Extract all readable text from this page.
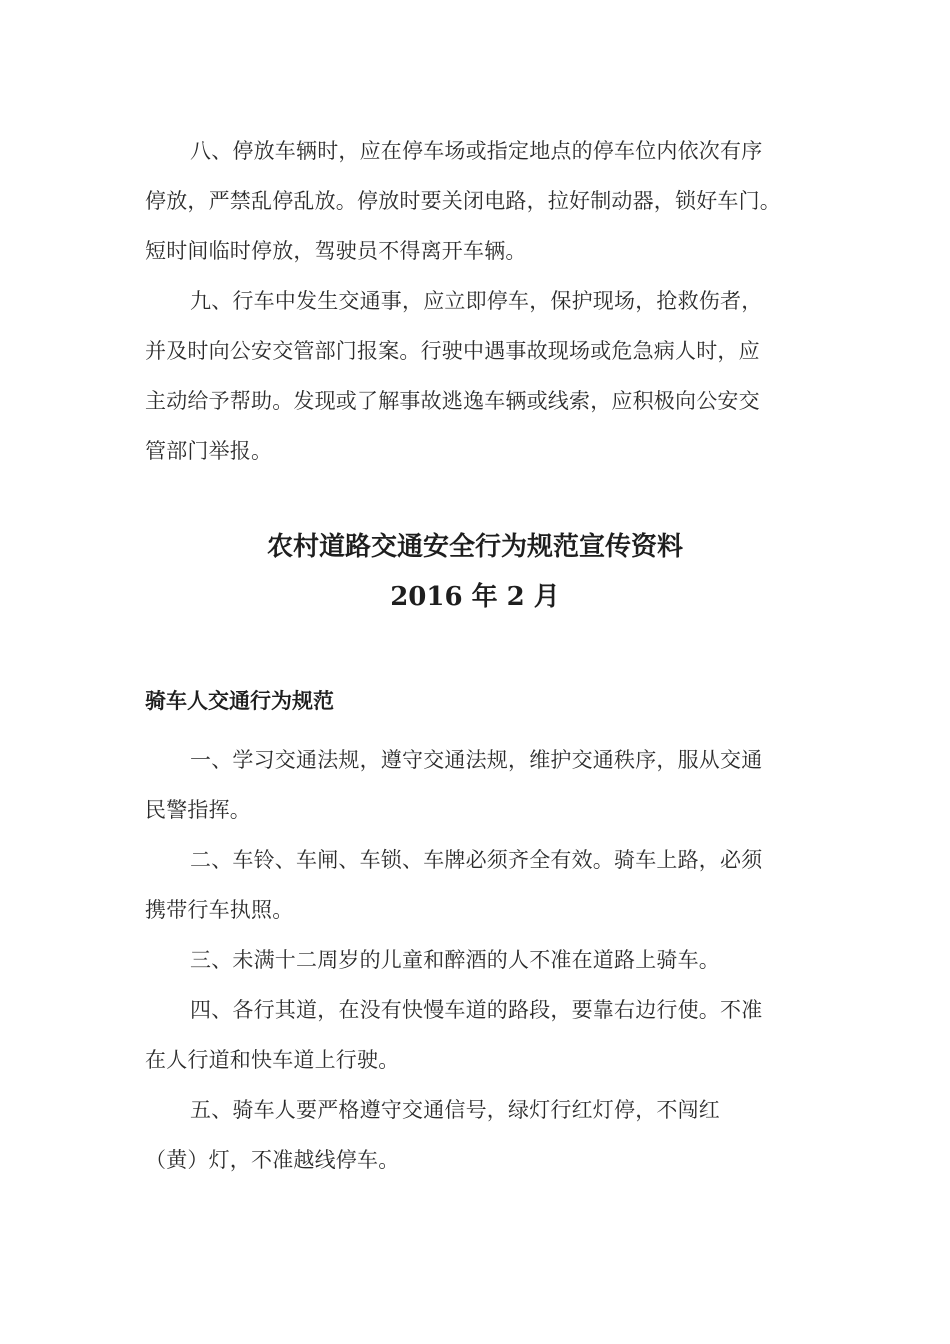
八、停放车辆时，应在停车场或指定地点的停车位内依次有序
停放，严禁乱停乱放。停放时要关闭电路，拉好制动器，锁好车门。
短时间临时停放，驾驶员不得离开车辆。
九、行车中发生交通事，应立即停车，保护现场，抢救伤者，
并及时向公安交管部门报案。行驶中遇事故现场或危急病人时，应
主动给予帮助。发现或了解事故逃逸车辆或线索，应积极向公安交
管部门举报。
农村道路交通安全行为规范宣传资料
2016 年 2 月
骑车人交通行为规范
一、学习交通法规，遵守交通法规，维护交通秩序，服从交通
民警指挥。
二、车铃、车闸、车锁、车牌必须齐全有效。骑车上路，必须
携带行车执照。
三、未满十二周岁的儿童和醉酒的人不准在道路上骑车。
四、各行其道，在没有快慢车道的路段，要靠右边行使。不准
在人行道和快车道上行驶。
五、骑车人要严格遵守交通信号，绿灯行红灯停，不闯红
（黄）灯，不准越线停车。
